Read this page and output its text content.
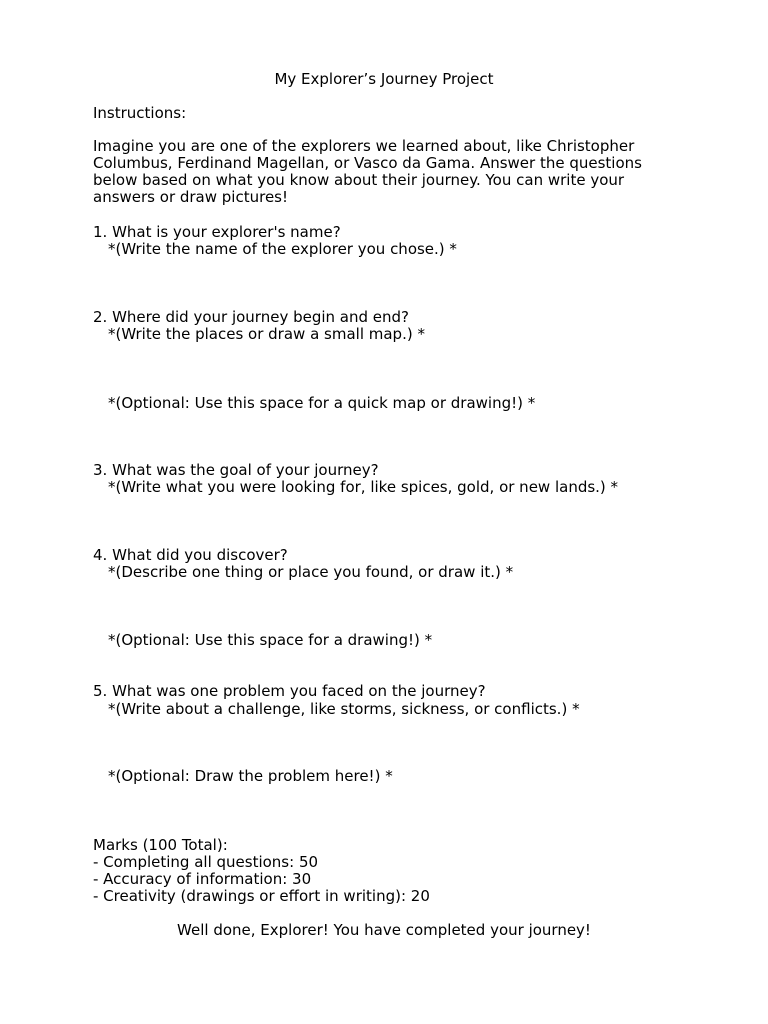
My Explorer’s Journey Project
Instructions:
Imagine you are one of the explorers we learned about, like Christopher
Columbus, Ferdinand Magellan, or Vasco da Gama. Answer the questions
below based on what you know about their journey. You can write your
answers or draw pictures!
1. What is your explorer's name?
*(Write the name of the explorer you chose.) *
2. Where did your journey begin and end?
*(Write the places or draw a small map.) *
*(Optional: Use this space for a quick map or drawing!) *
3. What was the goal of your journey?
*(Write what you were looking for, like spices, gold, or new lands.) *
4. What did you discover?
*(Describe one thing or place you found, or draw it.) *
*(Optional: Use this space for a drawing!) *
5. What was one problem you faced on the journey?
*(Write about a challenge, like storms, sickness, or conflicts.) *
*(Optional: Draw the problem here!) *
Marks (100 Total):
- Completing all questions: 50
- Accuracy of information: 30
- Creativity (drawings or effort in writing): 20
Well done, Explorer! You have completed your journey!
